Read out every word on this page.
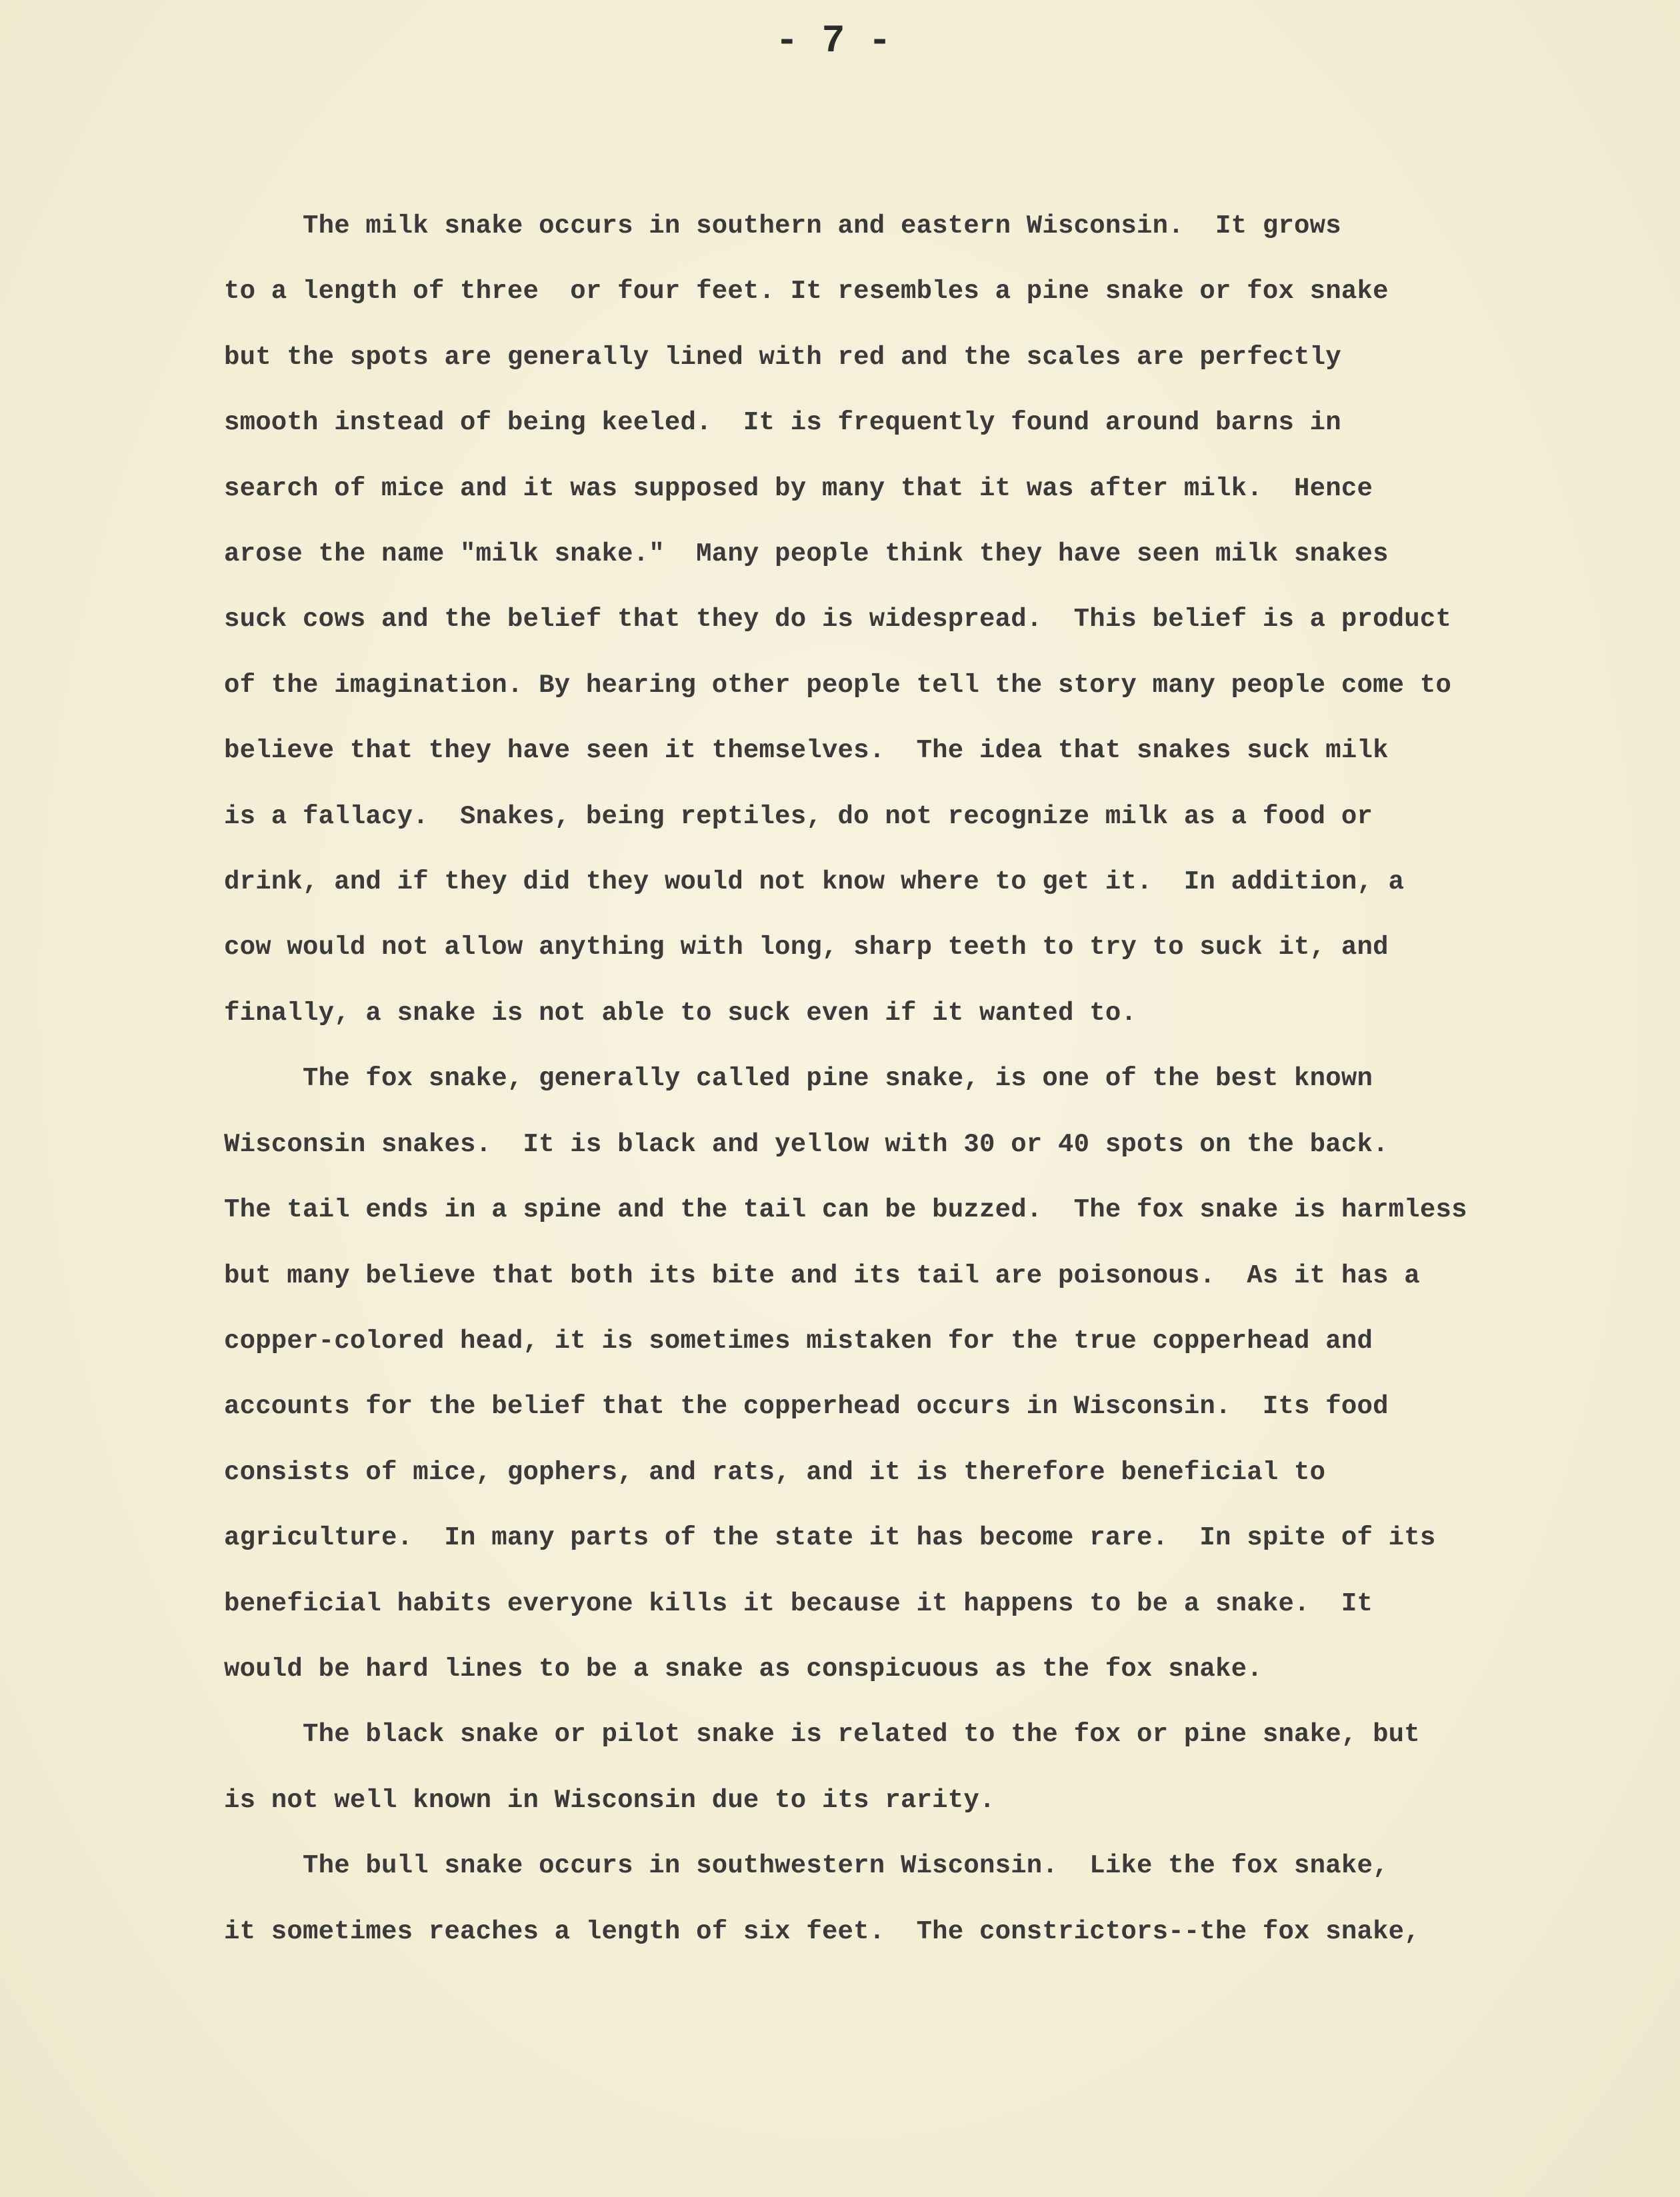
- 7 -
The milk snake occurs in southern and eastern Wisconsin.  It grows
to a length of three  or four feet. It resembles a pine snake or fox snake
but the spots are generally lined with red and the scales are perfectly
smooth instead of being keeled.  It is frequently found around barns in
search of mice and it was supposed by many that it was after milk.  Hence
arose the name "milk snake."  Many people think they have seen milk snakes
suck cows and the belief that they do is widespread.  This belief is a product
of the imagination. By hearing other people tell the story many people come to
believe that they have seen it themselves.  The idea that snakes suck milk
is a fallacy.  Snakes, being reptiles, do not recognize milk as a food or
drink, and if they did they would not know where to get it.  In addition, a
cow would not allow anything with long, sharp teeth to try to suck it, and
finally, a snake is not able to suck even if it wanted to.
The fox snake, generally called pine snake, is one of the best known
Wisconsin snakes.  It is black and yellow with 30 or 40 spots on the back.
The tail ends in a spine and the tail can be buzzed.  The fox snake is harmless
but many believe that both its bite and its tail are poisonous.  As it has a
copper-colored head, it is sometimes mistaken for the true copperhead and
accounts for the belief that the copperhead occurs in Wisconsin.  Its food
consists of mice, gophers, and rats, and it is therefore beneficial to
agriculture.  In many parts of the state it has become rare.  In spite of its
beneficial habits everyone kills it because it happens to be a snake.  It
would be hard lines to be a snake as conspicuous as the fox snake.
The black snake or pilot snake is related to the fox or pine snake, but
is not well known in Wisconsin due to its rarity.
The bull snake occurs in southwestern Wisconsin.  Like the fox snake,
it sometimes reaches a length of six feet.  The constrictors--the fox snake,
